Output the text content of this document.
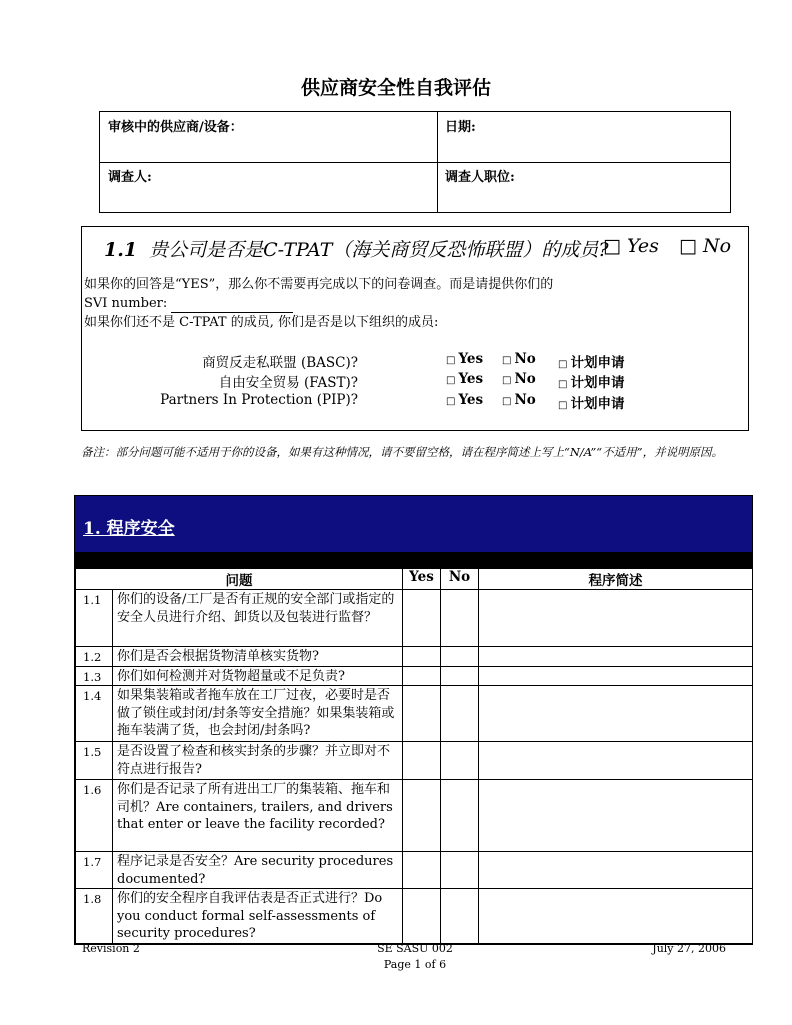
供应商安全性自我评估
审核中的供应商/设备：	日期:
调查人:	调查人职位:
1.1 贵公司是否是C-TPAT（海关商贸反恐怖联盟）的成员?
□ Yes □ No
如果你的回答是“YES”，那么你不需要再完成以下的问卷调查。而是请提供你们的
SVI number:
如果你们还不是 C-TPAT 的成员, 你们是否是以下组织的成员:
商贸反走私联盟 (BASC)?	□ Yes □ No □ 计划申请
自由安全贸易 (FAST)?	□ Yes □ No □ 计划申请
Partners In Protection (PIP)?	□ Yes □ No □ 计划申请
备注：部分问题可能不适用于你的设备，如果有这种情况，请不要留空格，请在程序简述上写上“N/A”“不适用”，并说明原因。
1. 程序安全
问题		Yes	No	程序简述
1.1	你们的设备/工厂是否有正规的安全部门或指定的安全人员进行介绍、卸货以及包装进行监督？			
1.2	你们是否会根据货物清单核实货物?			
1.3	你们如何检测并对货物超量或不足负责?			
1.4	如果集装箱或者拖车放在工厂过夜，必要时是否做了锁住或封闭/封条等安全措施？如果集装箱或拖车装满了货，也会封闭/封条吗?			
1.5	是否设置了检查和核实封条的步骤？并立即对不符点进行报告?			
1.6	你们是否记录了所有进出工厂的集装箱、拖车和司机？Are containers, trailers, and drivers that enter or leave the facility recorded?			
1.7	程序记录是否安全？Are security procedures documented?			
1.8	你们的安全程序自我评估表是否正式进行？Do you conduct formal self-assessments of security procedures?			
Revision 2	SE SASU 002
Page 1 of 6
July 27, 2006
